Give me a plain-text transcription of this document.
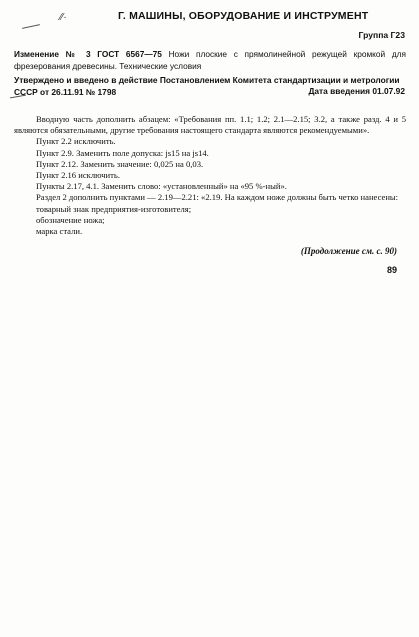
⁄⁄·	Г. МАШИНЫ, ОБОРУДОВАНИЕ И ИНСТРУМЕНТ
Группа Г23
Изменение № 3 ГОСТ 6567—75 Ножи плоские с прямолинейной режущей кромкой для фрезерования древесины. Технические условия
Утверждено и введено в действие Постановлением Комитета стандартизации и метрологии СССР от 26.11.91 № 1798	Дата введения 01.07.92

Вводную часть дополнить абзацем: «Требования пп. 1.1; 1.2; 2.1—2.15; 3.2, а также разд. 4 и 5 являются обязательными, другие требования настоящего стандарта являются рекомендуемыми».

Пункт 2.2 исключить.

Пункт 2.9. Заменить поле допуска: js15 на js14.

Пункт 2.12. Заменить значение: 0,025 на 0,03.

Пункт 2.16 исключить.

Пункты 2.17, 4.1. Заменить слово: «установленный» на «95 %-ный».

Раздел 2 дополнить пунктами — 2.19—2.21: «2.19. На каждом ноже должны быть четко нанесены:

товарный знак предприятия-изготовителя;

обозначение ножа;

марка стали.

(Продолжение см. с. 90)
89
